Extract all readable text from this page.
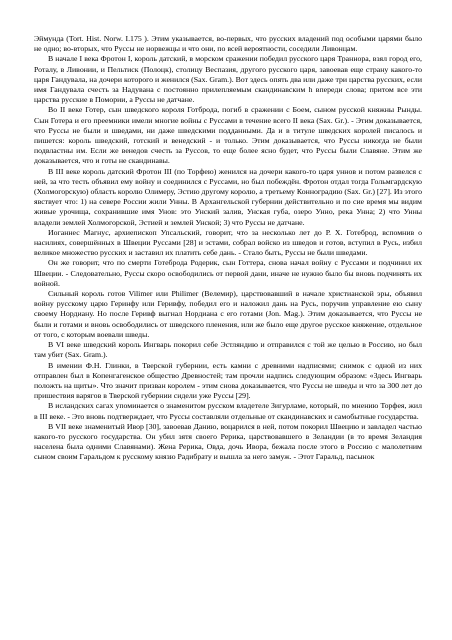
Эймунда (Tort. Hist. Norw. I.175 ). Этим указывается, во-первых, что русских владений под особыми царями было не одно; во-вторых, что Руссы не норвежцы и что они, по всей вероятности, соседили Ливонцам.

В начале I века Фротон I, король датский, в морском сражении победил русского царя Траннора, взял город его, Роталу, в Ливонии, и Пельтиск (Полоцк), столицу Веспазия, другого русского царя, завоевав еще страну какого-то царя Гандувала, на дочери которого и женился (Sax. Gram.). Вот здесь опять два или даже три царства русских, если имя Гандувала счесть за Надувана с постоянно прилепляемым скандинавским h впереди слова; притом все эти царства русские в Помории, а Руссы не датчане.

Во II веке Готер, сын шведского короля Готброда, погиб в сражении с Боем, сыном русской княжны Рынды. Сын Готера и его преемники имели многие войны с Руссами в течение всего II века (Sax. Gr.). - Этим доказывается, что Руссы не были и шведами, ни даже шведскими подданными. Да и в титуле шведских королей писалось и пишется: король шведский, готский и венедский - и только. Этим доказывается, что Руссы никогда не были подвластны им. Если же венедов счесть за Руссов, то еще более ясно будет, что Руссы были Славяне. Этим же доказывается, что и готы не скандинавы.

В III веке король датский Фротон III (по Торфею) женился на дочери какого-то царя уннов и потом развелся с ней, за что тесть объявил ему войну и соединился с Руссами, но был побеждён. Фротон отдал тогда Гольмгардскую (Холмогорскую) область королю Олимеру, Эстию другому королю, а третьему Конноградию (Sax. Gr.) [27]. Из этого явствует что: 1) на севере России жили Унны. В Архангельской губернии действительно и по сие время мы видим живые урочища, сохранившие имя Унов: это Унский залив, Унская губа, озеро Унно, река Унна; 2) что Унны владели землей Холмогорской, Эстией и землей Унской; 3) что Руссы не датчане.

Иоганнес Магнус, архиепископ Упсальский, говорит, что за несколько лет до Р. Х. Готеброд, вспомнив о насилиях, совершённых в Швеции Руссами [28] и эстами, собрал войско из шведов и готов, вступил в Русь, избил великое множество русских и заставил их платить себе дань. - Стало быть, Руссы не были шведами.

Он же говорит, что по смерти Готеброда Родерик, сын Готтера, снова начал войну с Руссами и подчинил их Швеции. - Следовательно, Руссы скоро освободились от первой дани, иначе не нужно было бы вновь подчинять их войной.

Сильный король готов Vilimer или Philimer (Велемир), царствовавший в начале христианской эры, объявил войну русскому царю Геринфу или Геривфу, победил его и наложил дань на Русь, поручив управление ею сыну своему Нордиану. Но после Геривф выгнал Нордиана с его готами (Jon. Mag.). Этим доказывается, что Руссы не были и готами и вновь освободились от шведского пленения, или же было еще другое русское княжение, отдельное от того, с которым воевали шведы.

В VI веке шведский король Ингварь покорил себе Эстляндию и отправился с той же целью в Россию, но был там убит (Sax. Gram.).

В имении Ф.Н. Глинки, в Тверской губернии, есть камни с древними надписями; снимок с одной из них отправлен был в Копенгагенское общество Древностей; там прочли надпись следующим образом: «Здесь Ингварь положть на щиты». Что значит призван королем - этим снова доказывается, что Руссы не шведы и что за 300 лет до пришествия варягов в Тверской губернии сидели уже Руссы [29].

В исландских сагах упоминается о знаменитом русском владетеле Зигурламе, который, по мнению Торфея, жил в III веке. - Это вновь подтверждает, что Руссы составляли отдельные от скандинавских и самобытные государства.

В VII веке знаменитый Ивор [30], завоевав Данию, воцарился в ней, потом покорил Швецию и завладел частью какого-то русского государства. Он убил зятя своего Рерика, царствовавшего в Зеландии (в то время Зеландия населена была одними Славянами). Жена Рерика, Овда, дочь Ивора, бежала после этого в Россию с малолетним сыном своим Гаральдом к русскому князю Радибрату и вышла за него замуж. - Этот Гаральд, пасынок
